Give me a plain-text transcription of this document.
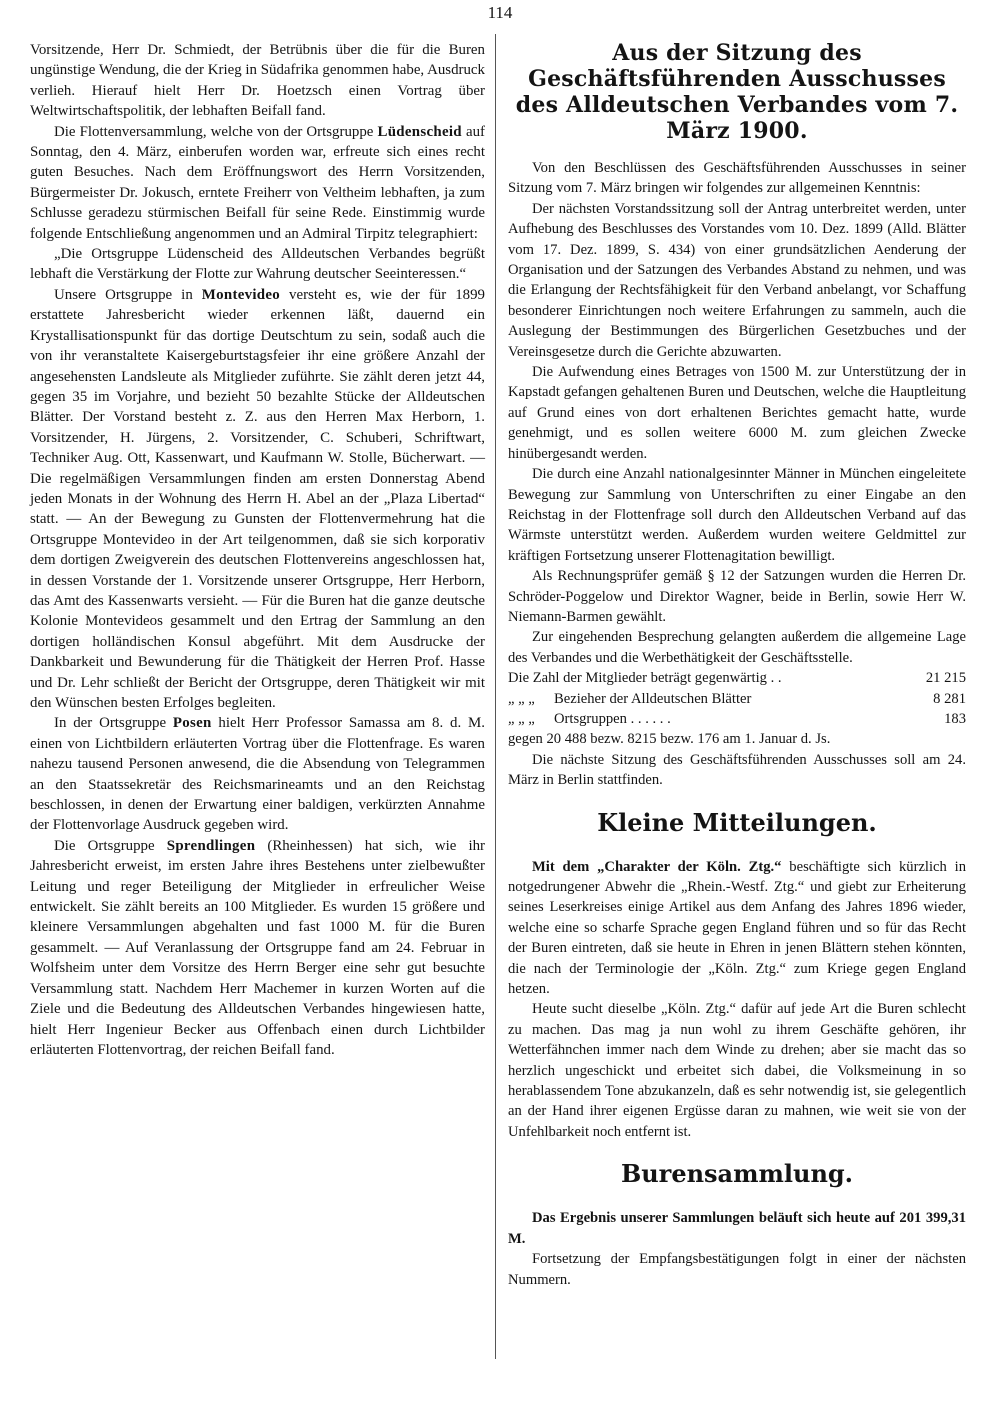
114

Vorsitzende, Herr Dr. Schmiedt, der Betrübnis über die für die Buren ungünstige Wendung, die der Krieg in Südafrika genommen habe, Ausdruck verlieh. Hierauf hielt Herr Dr. Hoetzsch einen Vortrag über Weltwirtschaftspolitik, der lebhaften Beifall fand.

Die Flottenversammlung, welche von der Ortsgruppe Lüdenscheid auf Sonntag, den 4. März, einberufen worden war, erfreute sich eines recht guten Besuches. Nach dem Eröffnungswort des Herrn Vorsitzenden, Bürgermeister Dr. Jokusch, erntete Freiherr von Veltheim lebhaften, ja zum Schlusse geradezu stürmischen Beifall für seine Rede. Einstimmig wurde folgende Entschließung angenommen und an Admiral Tirpitz telegraphiert:

„Die Ortsgruppe Lüdenscheid des Alldeutschen Verbandes begrüßt lebhaft die Verstärkung der Flotte zur Wahrung deutscher Seeinteressen.“

Unsere Ortsgruppe in Montevideo versteht es, wie der für 1899 erstattete Jahresbericht wieder erkennen läßt, dauernd ein Krystallisationspunkt für das dortige Deutschtum zu sein, sodaß auch die von ihr veranstaltete Kaisergeburtstagsfeier ihr eine größere Anzahl der angesehensten Landsleute als Mitglieder zuführte. Sie zählt deren jetzt 44, gegen 35 im Vorjahre, und bezieht 50 bezahlte Stücke der Alldeutschen Blätter. Der Vorstand besteht z. Z. aus den Herren Max Herborn, 1. Vorsitzender, H. Jürgens, 2. Vorsitzender, C. Schuberi, Schriftwart, Techniker Aug. Ott, Kassenwart, und Kaufmann W. Stolle, Bücherwart. — Die regelmäßigen Versammlungen finden am ersten Donnerstag Abend jeden Monats in der Wohnung des Herrn H. Abel an der „Plaza Libertad“ statt. — An der Bewegung zu Gunsten der Flottenvermehrung hat die Ortsgruppe Montevideo in der Art teilgenommen, daß sie sich korporativ dem dortigen Zweigverein des deutschen Flottenvereins angeschlossen hat, in dessen Vorstande der 1. Vorsitzende unserer Ortsgruppe, Herr Herborn, das Amt des Kassenwarts versieht. — Für die Buren hat die ganze deutsche Kolonie Montevideos gesammelt und den Ertrag der Sammlung an den dortigen holländischen Konsul abgeführt. Mit dem Ausdrucke der Dankbarkeit und Bewunderung für die Thätigkeit der Herren Prof. Hasse und Dr. Lehr schließt der Bericht der Ortsgruppe, deren Thätigkeit wir mit den Wünschen besten Erfolges begleiten.

In der Ortsgruppe Posen hielt Herr Professor Samassa am 8. d. M. einen von Lichtbildern erläuterten Vortrag über die Flottenfrage. Es waren nahezu tausend Personen anwesend, die die Absendung von Telegrammen an den Staatssekretär des Reichsmarineamts und an den Reichstag beschlossen, in denen der Erwartung einer baldigen, verkürzten Annahme der Flottenvorlage Ausdruck gegeben wird.

Die Ortsgruppe Sprendlingen (Rheinhessen) hat sich, wie ihr Jahresbericht erweist, im ersten Jahre ihres Bestehens unter zielbewußter Leitung und reger Beteiligung der Mitglieder in erfreulicher Weise entwickelt. Sie zählt bereits an 100 Mitglieder. Es wurden 15 größere und kleinere Versammlungen abgehalten und fast 1000 M. für die Buren gesammelt. — Auf Veranlassung der Ortsgruppe fand am 24. Februar in Wolfsheim unter dem Vorsitze des Herrn Berger eine sehr gut besuchte Versammlung statt. Nachdem Herr Machemer in kurzen Worten auf die Ziele und die Bedeutung des Alldeutschen Verbandes hingewiesen hatte, hielt Herr Ingenieur Becker aus Offenbach einen durch Lichtbilder erläuterten Flottenvortrag, der reichen Beifall fand.

Aus der Sitzung des Geschäftsführenden Ausschusses des Alldeutschen Verbandes vom 7. März 1900.

Von den Beschlüssen des Geschäftsführenden Ausschusses in seiner Sitzung vom 7. März bringen wir folgendes zur allgemeinen Kenntnis:

Der nächsten Vorstandssitzung soll der Antrag unterbreitet werden, unter Aufhebung des Beschlusses des Vorstandes vom 10. Dez. 1899 (Alld. Blätter vom 17. Dez. 1899, S. 434) von einer grundsätzlichen Aenderung der Organisation und der Satzungen des Verbandes Abstand zu nehmen, und was die Erlangung der Rechtsfähigkeit für den Verband anbelangt, vor Schaffung besonderer Einrichtungen noch weitere Erfahrungen zu sammeln, auch die Auslegung der Bestimmungen des Bürgerlichen Gesetzbuches und der Vereinsgesetze durch die Gerichte abzuwarten.

Die Aufwendung eines Betrages von 1500 M. zur Unterstützung der in Kapstadt gefangen gehaltenen Buren und Deutschen, welche die Hauptleitung auf Grund eines von dort erhaltenen Berichtes gemacht hatte, wurde genehmigt, und es sollen weitere 6000 M. zum gleichen Zwecke hinübergesandt werden.

Die durch eine Anzahl nationalgesinnter Männer in München eingeleitete Bewegung zur Sammlung von Unterschriften zu einer Eingabe an den Reichstag in der Flottenfrage soll durch den Alldeutschen Verband auf das Wärmste unterstützt werden. Außerdem wurden weitere Geldmittel zur kräftigen Fortsetzung unserer Flottenagitation bewilligt.

Als Rechnungsprüfer gemäß § 12 der Satzungen wurden die Herren Dr. Schröder-Poggelow und Direktor Wagner, beide in Berlin, sowie Herr W. Niemann-Barmen gewählt.

Zur eingehenden Besprechung gelangten außerdem die allgemeine Lage des Verbandes und die Werbethätigkeit der Geschäftsstelle.

Die Zahl der Mitglieder beträgt gegenwärtig . .		21 215
„ „ „	Bezieher der Alldeutschen Blätter	8 281
„ „ „	Ortsgruppen . . . . . .	183

gegen 20 488 bezw. 8215 bezw. 176 am 1. Januar d. Js.

Die nächste Sitzung des Geschäftsführenden Ausschusses soll am 24. März in Berlin stattfinden.

Kleine Mitteilungen.

Mit dem „Charakter der Köln. Ztg.“ beschäftigte sich kürzlich in notgedrungener Abwehr die „Rhein.-Westf. Ztg.“ und giebt zur Erheiterung seines Leserkreises einige Artikel aus dem Anfang des Jahres 1896 wieder, welche eine so scharfe Sprache gegen England führen und so für das Recht der Buren eintreten, daß sie heute in Ehren in jenen Blättern stehen könnten, die nach der Terminologie der „Köln. Ztg.“ zum Kriege gegen England hetzen.

Heute sucht dieselbe „Köln. Ztg.“ dafür auf jede Art die Buren schlecht zu machen. Das mag ja nun wohl zu ihrem Geschäfte gehören, ihr Wetterfähnchen immer nach dem Winde zu drehen; aber sie macht das so herzlich ungeschickt und erbeitet sich dabei, die Volksmeinung in so herablassendem Tone abzukanzeln, daß es sehr notwendig ist, sie gelegentlich an der Hand ihrer eigenen Ergüsse daran zu mahnen, wie weit sie von der Unfehlbarkeit noch entfernt ist.

Burensammlung.

Das Ergebnis unserer Sammlungen beläuft sich heute auf 201 399,31 M.

Fortsetzung der Empfangsbestätigungen folgt in einer der nächsten Nummern.
